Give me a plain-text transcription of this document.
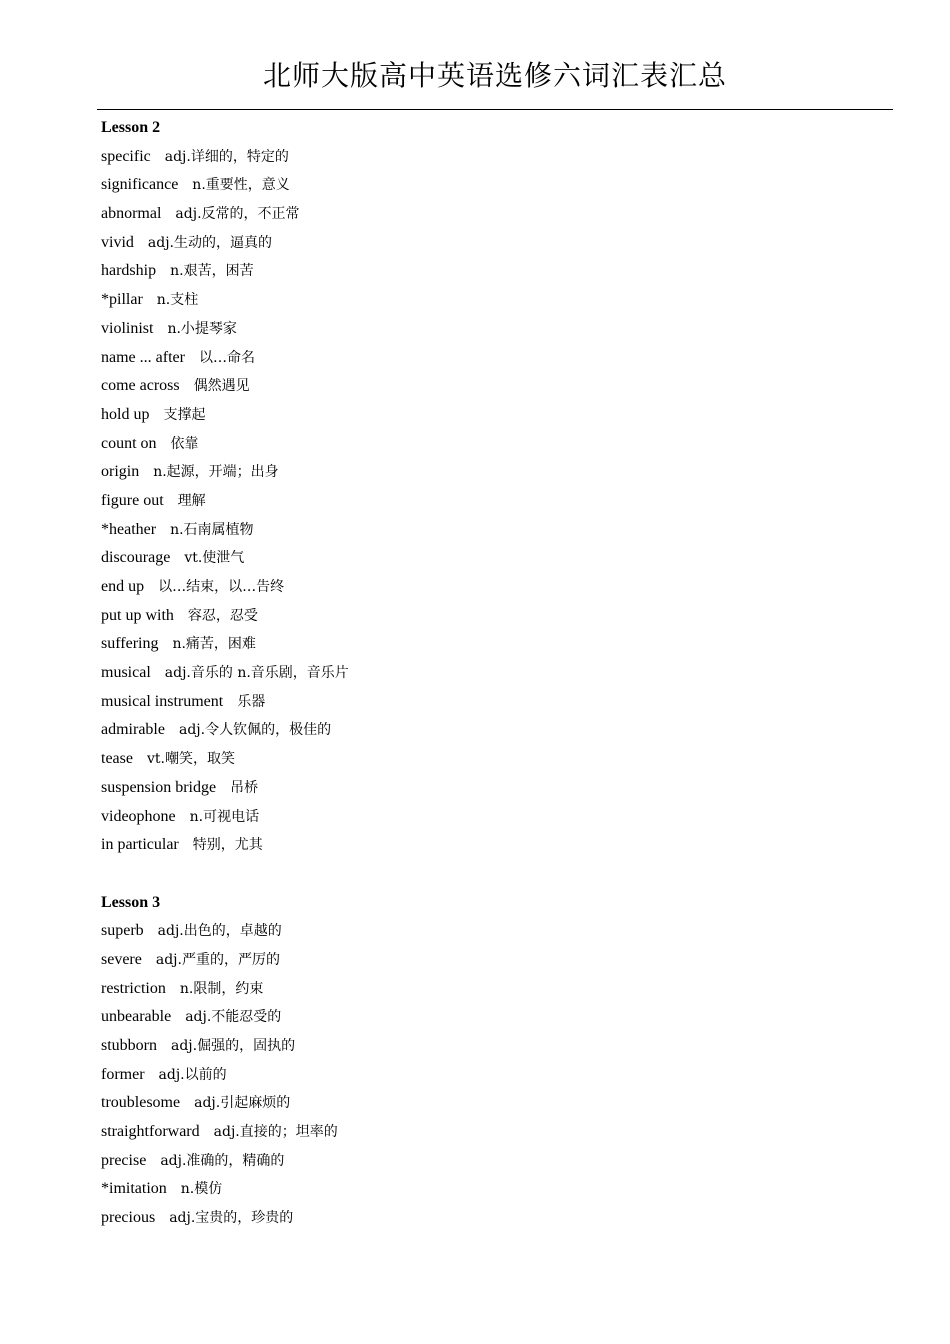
北师大版高中英语选修六词汇表汇总
Lesson 2
specific adj.详细的，特定的
significance n.重要性，意义
abnormal adj.反常的，不正常
vivid adj.生动的，逼真的
hardship n.艰苦，困苦
*pillar n.支柱
violinist n.小提琴家
name ... after 以…命名
come across 偶然遇见
hold up 支撑起
count on 依靠
origin n.起源，开端；出身
figure out 理解
*heather n.石南属植物
discourage vt.使泄气
end up 以…结束，以…告终
put up with 容忍，忍受
suffering n.痛苦，困难
musical adj.音乐的 n.音乐剧，音乐片
musical instrument 乐器
admirable adj.令人钦佩的，极佳的
tease vt.嘲笑，取笑
suspension bridge 吊桥
videophone n.可视电话
in particular 特别，尤其
Lesson 3
superb adj.出色的，卓越的
severe adj.严重的，严厉的
restriction n.限制，约束
unbearable adj.不能忍受的
stubborn adj.倔强的，固执的
former adj.以前的
troublesome adj.引起麻烦的
straightforward adj.直接的；坦率的
precise adj.准确的，精确的
*imitation n.模仿
precious adj.宝贵的，珍贵的
